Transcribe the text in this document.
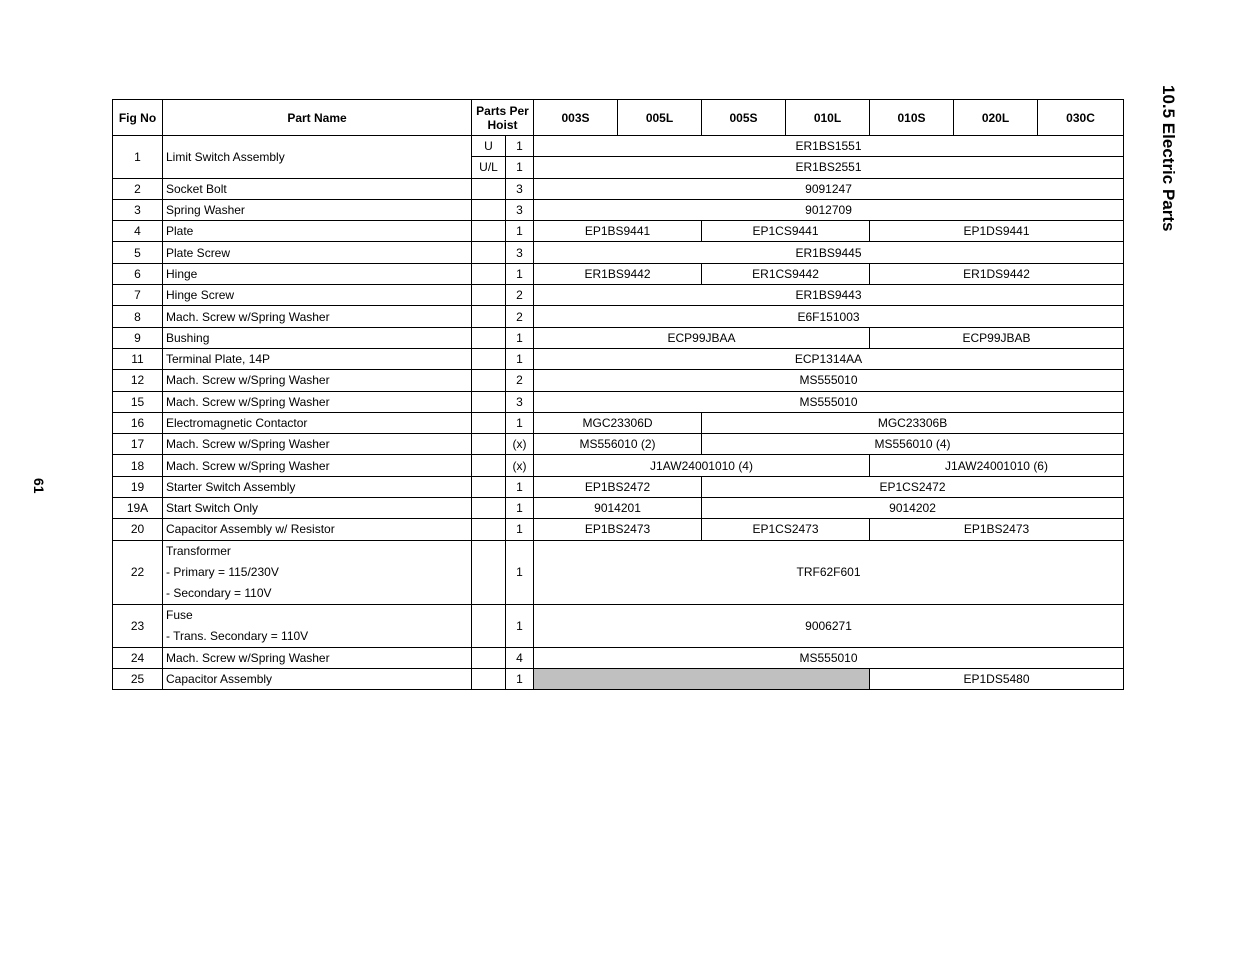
10.5 Electric Parts
61
Fig No	Part Name	Parts Per Hoist		003S	005L	005S	010L	010S	020L	030C
1	Limit Switch Assembly	U	1	ER1BS1551						
		U/L	1	ER1BS2551						
2	Socket Bolt		3	9091247						
3	Spring Washer		3	9012709						
4	Plate		1	EP1BS9441		EP1CS9441		EP1DS9441		
5	Plate Screw		3	ER1BS9445						
6	Hinge		1	ER1BS9442		ER1CS9442		ER1DS9442		
7	Hinge Screw		2	ER1BS9443						
8	Mach. Screw w/Spring Washer		2	E6F151003						
9	Bushing		1	ECP99JBAA				ECP99JBAB		
11	Terminal Plate, 14P		1	ECP1314AA						
12	Mach. Screw w/Spring Washer		2	MS555010						
15	Mach. Screw w/Spring Washer		3	MS555010						
16	Electromagnetic Contactor		1	MGC23306D		MGC23306B				
17	Mach. Screw w/Spring Washer		(x)	MS556010 (2)		MS556010 (4)				
18	Mach. Screw w/Spring Washer		(x)	J1AW24001010 (4)				J1AW24001010 (6)		
19	Starter Switch Assembly		1	EP1BS2472		EP1CS2472				
19A	Start Switch Only		1	9014201		9014202				
20	Capacitor Assembly w/ Resistor		1	EP1BS2473		EP1CS2473		EP1BS2473		
22	Transformer
- Primary = 115/230V
- Secondary = 110V		1	TRF62F601						
23	Fuse
- Trans. Secondary = 110V		1	9006271						
24	Mach. Screw w/Spring Washer		4	MS555010						
25	Capacitor Assembly		1					EP1DS5480		
